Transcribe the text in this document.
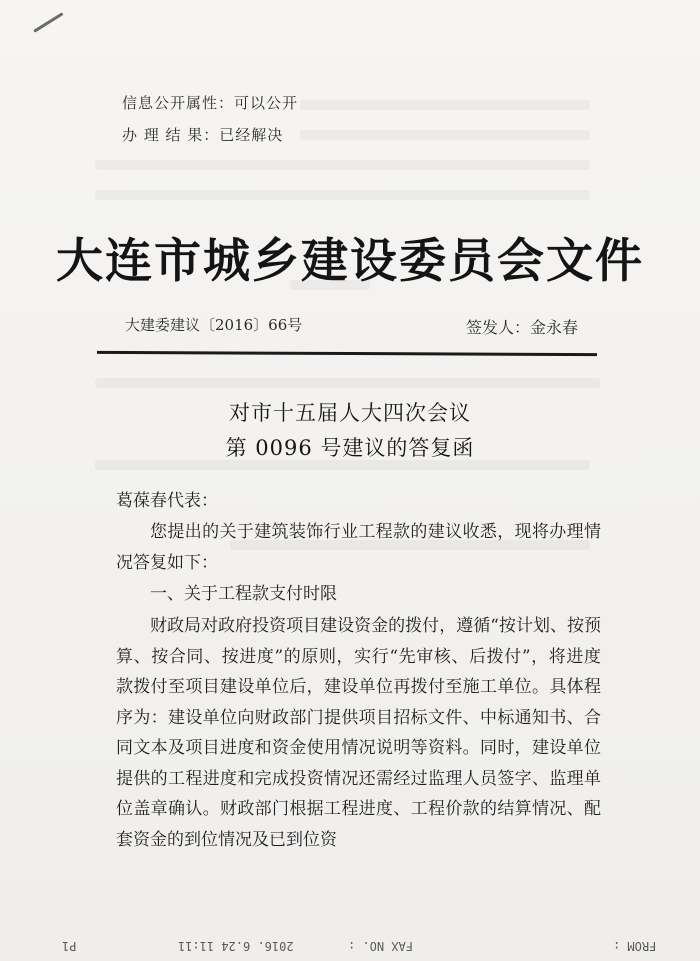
信息公开属性：可以公开
办 理 结 果：已经解决
大连市城乡建设委员会文件
大建委建议〔2016〕66号	签发人：金永春
对市十五届人大四次会议
第 0096 号建议的答复函
葛葆春代表：

您提出的关于建筑装饰行业工程款的建议收悉，现将办理情况答复如下：

一、关于工程款支付时限

财政局对政府投资项目建设资金的拨付，遵循“按计划、按预算、按合同、按进度”的原则，实行“先审核、后拨付”，将进度款拨付至项目建设单位后，建设单位再拨付至施工单位。具体程序为：建设单位向财政部门提供项目招标文件、中标通知书、合同文本及项目进度和资金使用情况说明等资料。同时，建设单位提供的工程进度和完成投资情况还需经过监理人员签字、监理单位盖章确认。财政部门根据工程进度、工程价款的结算情况、配套资金的到位情况及已到位资

P1	2016. 6.24 11:11	FAX NO. :	FROM :
